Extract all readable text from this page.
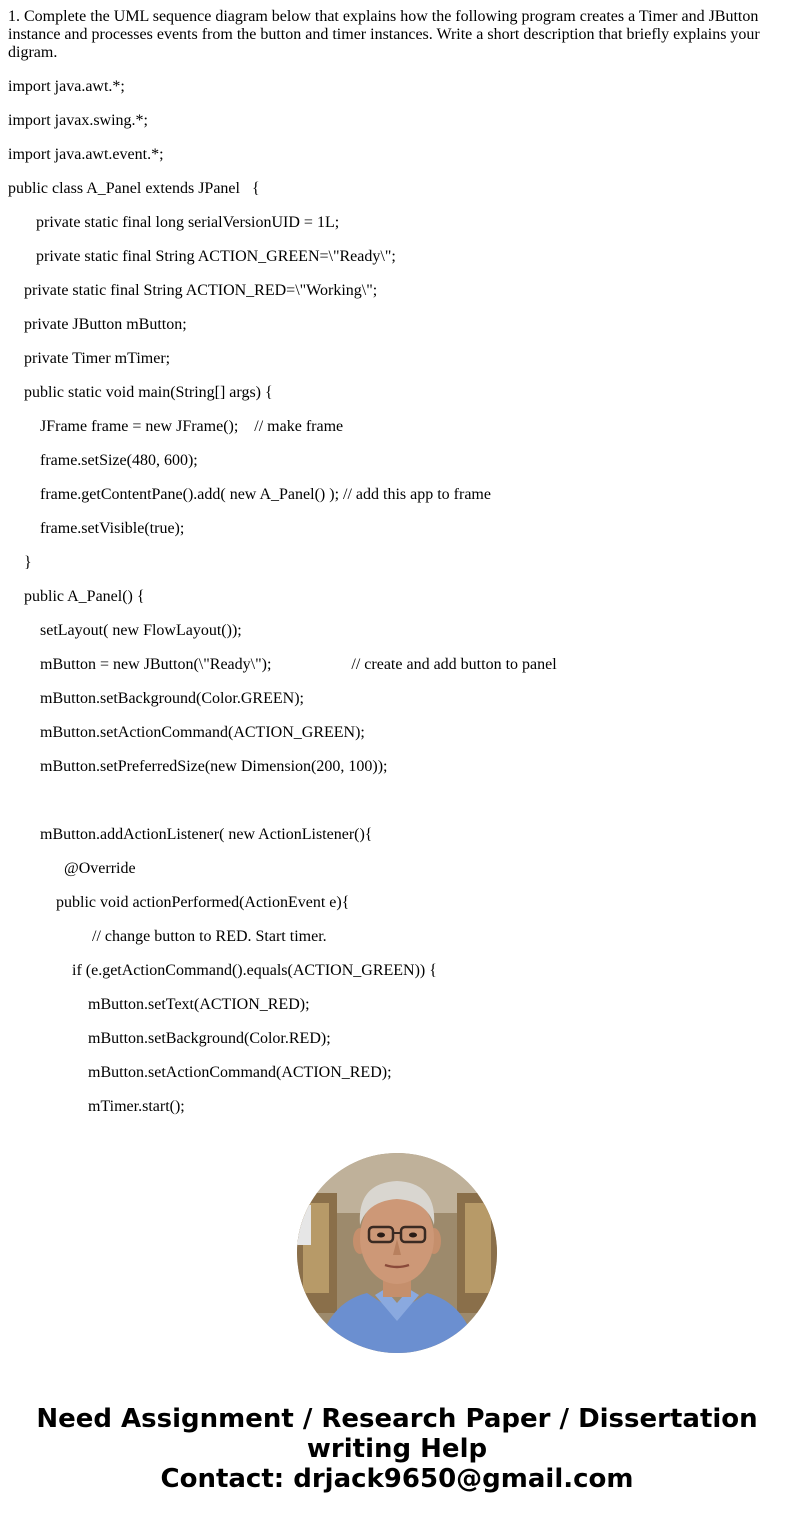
1. Complete the UML sequence diagram below that explains how the following program creates a Timer and JButton instance and processes events from the button and timer instances. Write a short description that briefly explains your digram.

import java.awt.*;

import javax.swing.*;

import java.awt.event.*;

public class A_Panel extends JPanel   {

private static final long serialVersionUID = 1L;

private static final String ACTION_GREEN=\"Ready\";

private static final String ACTION_RED=\"Working\";

private JButton mButton;

private Timer mTimer;

public static void main(String[] args) {

JFrame frame = new JFrame();    // make frame

frame.setSize(480, 600);

frame.getContentPane().add( new A_Panel() ); // add this app to frame

frame.setVisible(true);

}

public A_Panel() {

setLayout( new FlowLayout());

mButton = new JButton(\"Ready\");                    // create and add button to panel

mButton.setBackground(Color.GREEN);

mButton.setActionCommand(ACTION_GREEN);

mButton.setPreferredSize(new Dimension(200, 100));

mButton.addActionListener( new ActionListener(){

@Override

public void actionPerformed(ActionEvent e){

// change button to RED. Start timer.

if (e.getActionCommand().equals(ACTION_GREEN)) {

mButton.setText(ACTION_RED);

mButton.setBackground(Color.RED);

mButton.setActionCommand(ACTION_RED);

mTimer.start();

Need Assignment / Research Paper / Dissertation
writing Help
Contact: drjack9650@gmail.com
